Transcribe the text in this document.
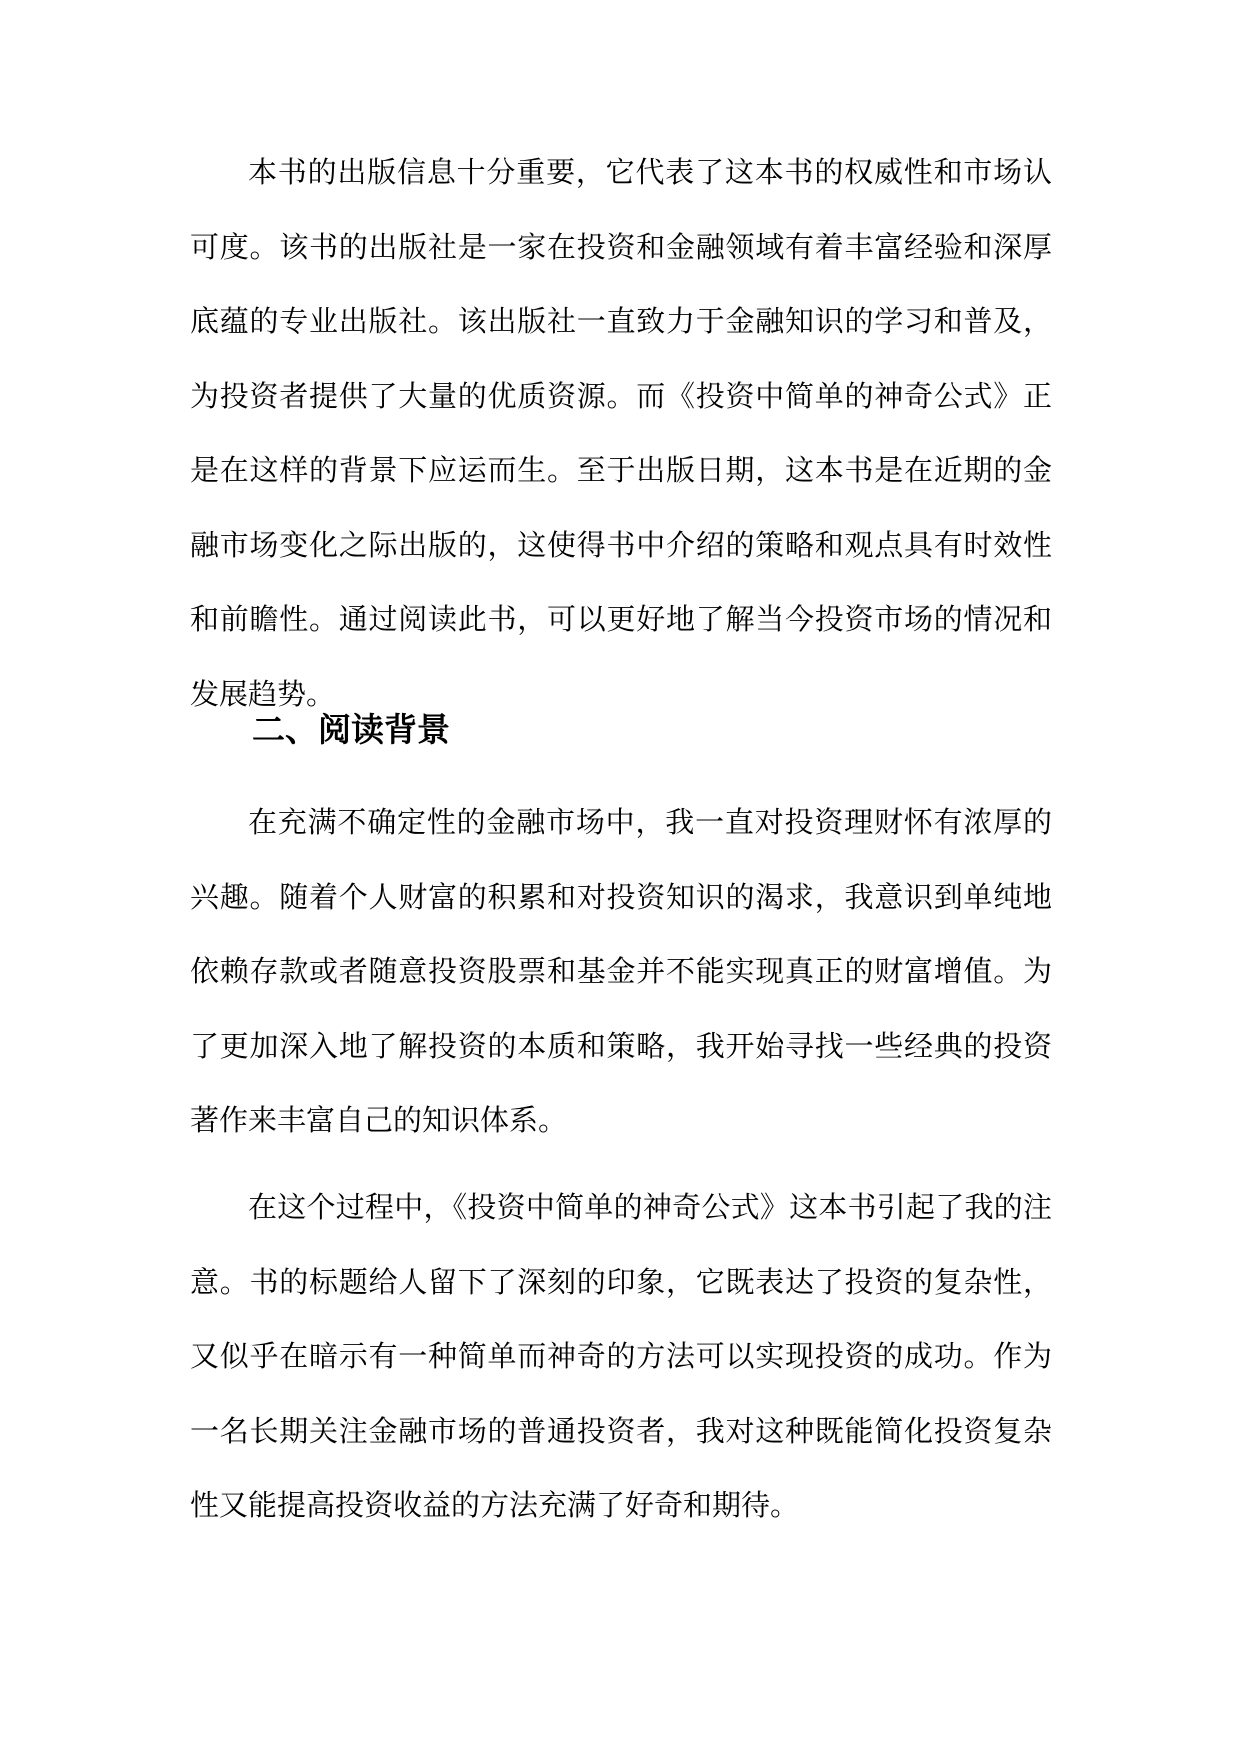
本书的出版信息十分重要，它代表了这本书的权威性和市场认可度。该书的出版社是一家在投资和金融领域有着丰富经验和深厚底蕴的专业出版社。该出版社一直致力于金融知识的学习和普及，为投资者提供了大量的优质资源。而《投资中简单的神奇公式》正是在这样的背景下应运而生。至于出版日期，这本书是在近期的金融市场变化之际出版的，这使得书中介绍的策略和观点具有时效性和前瞻性。通过阅读此书，可以更好地了解当今投资市场的情况和发展趋势。

二、阅读背景

在充满不确定性的金融市场中，我一直对投资理财怀有浓厚的兴趣。随着个人财富的积累和对投资知识的渴求，我意识到单纯地依赖存款或者随意投资股票和基金并不能实现真正的财富增值。为了更加深入地了解投资的本质和策略，我开始寻找一些经典的投资著作来丰富自己的知识体系。

在这个过程中，《投资中简单的神奇公式》这本书引起了我的注意。书的标题给人留下了深刻的印象，它既表达了投资的复杂性，又似乎在暗示有一种简单而神奇的方法可以实现投资的成功。作为一名长期关注金融市场的普通投资者，我对这种既能简化投资复杂性又能提高投资收益的方法充满了好奇和期待。
